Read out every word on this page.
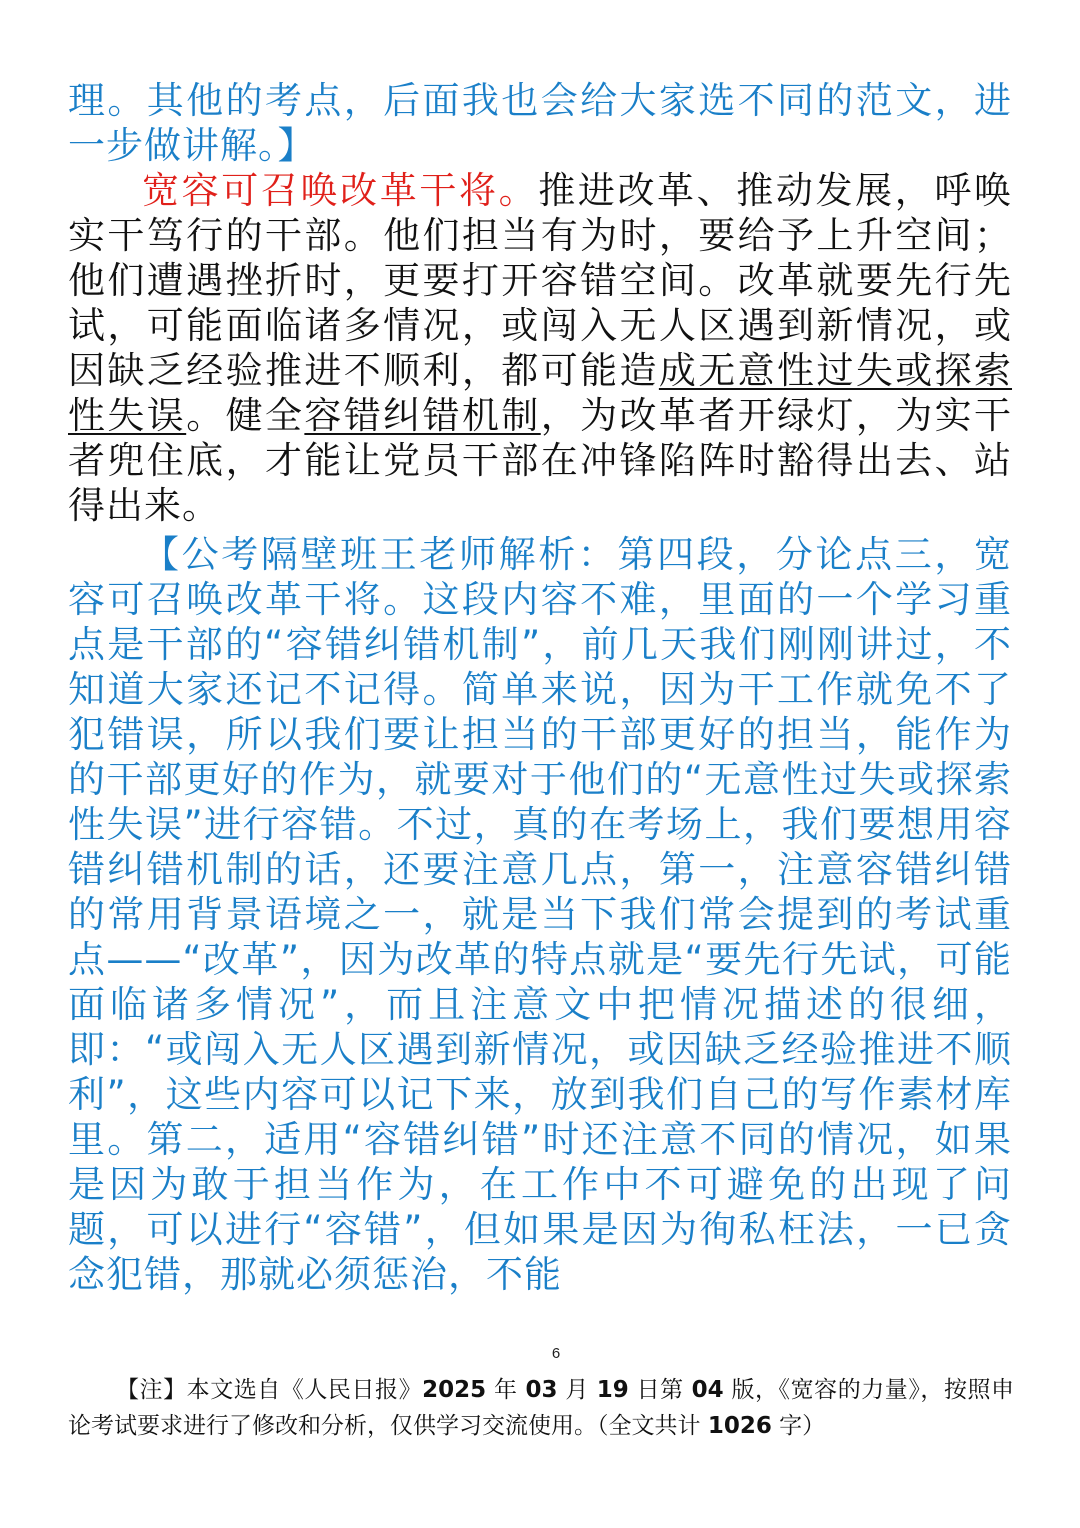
理。其他的考点，后面我也会给大家选不同的范文，进一步做讲解。】

宽容可召唤改革干将。推进改革、推动发展，呼唤实干笃行的干部。他们担当有为时，要给予上升空间；他们遭遇挫折时，更要打开容错空间。改革就要先行先试，可能面临诸多情况，或闯入无人区遇到新情况，或因缺乏经验推进不顺利，都可能造成无意性过失或探索性失误。健全容错纠错机制，为改革者开绿灯，为实干者兜住底，才能让党员干部在冲锋陷阵时豁得出去、站得出来。

【公考隔壁班王老师解析：第四段，分论点三，宽容可召唤改革干将。这段内容不难，里面的一个学习重点是干部的“容错纠错机制”，前几天我们刚刚讲过，不知道大家还记不记得。简单来说，因为干工作就免不了犯错误，所以我们要让担当的干部更好的担当，能作为的干部更好的作为，就要对于他们的“无意性过失或探索性失误”进行容错。不过，真的在考场上，我们要想用容错纠错机制的话，还要注意几点，第一，注意容错纠错的常用背景语境之一，就是当下我们常会提到的考试重点——“改革”，因为改革的特点就是“要先行先试，可能面临诸多情况”，而且注意文中把情况描述的很细，即：“或闯入无人区遇到新情况，或因缺乏经验推进不顺利”，这些内容可以记下来，放到我们自己的写作素材库里。第二，适用“容错纠错”时还注意不同的情况，如果是因为敢于担当作为，在工作中不可避免的出现了问题，可以进行“容错”，但如果是因为徇私枉法，一已贪念犯错，那就必须惩治，不能

6

【注】本文选自《人民日报》2025 年 03 月 19 日第 04 版，《宽容的力量》，按照申论考试要求进行了修改和分析，仅供学习交流使用。（全文共计 1026 字）
